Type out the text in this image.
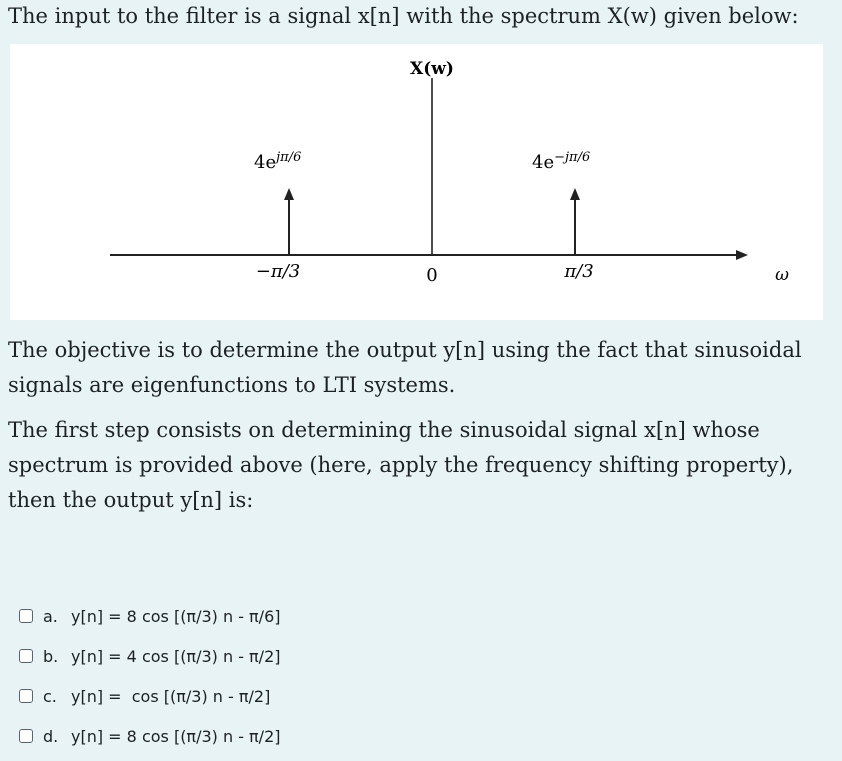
The input to the filter is a signal x[n] with the spectrum X(w) given below:
X(w)
$4e^{j\pi/6}$	$4e^{-j\pi/6}$
−π/3	0	π/3	ω
The objective is to determine the output y[n] using the fact that sinusoidal signals are eigenfunctions to LTI systems.
The first step consists on determining the sinusoidal signal x[n] whose spectrum is provided above (here, apply the frequency shifting property), then the output y[n] is:
a. y[n] = 8 cos [(π/3) n - π/6]
b. y[n] = 4 cos [(π/3) n - π/2]
c. y[n] =  cos [(π/3) n - π/2]
d. y[n] = 8 cos [(π/3) n - π/2]
